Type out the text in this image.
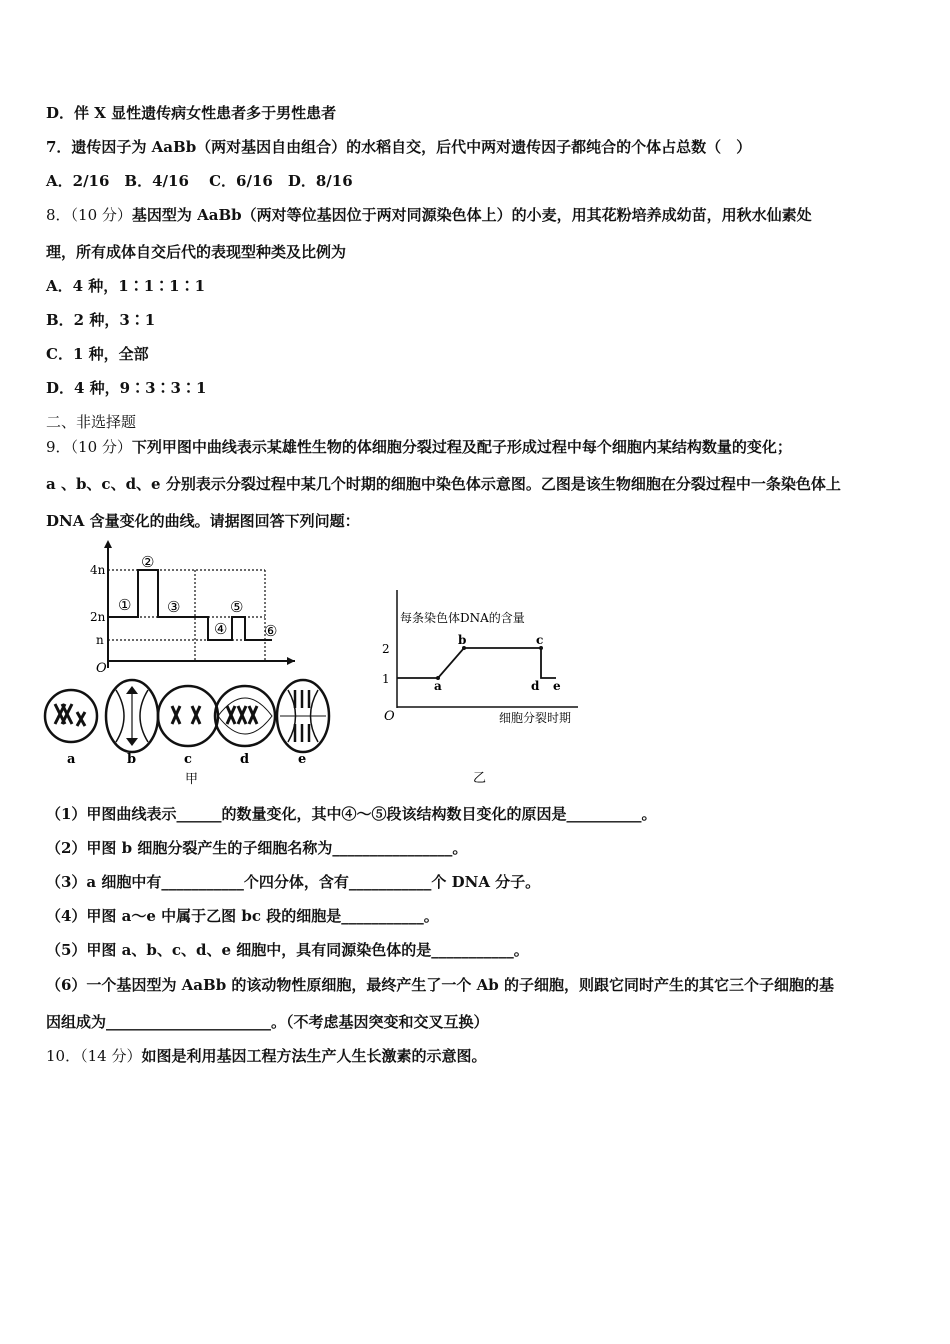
D．伴 X 显性遗传病女性患者多于男性患者
7．遗传因子为 AaBb（两对基因自由组合）的水稻自交，后代中两对遗传因子都纯合的个体占总数（　）
A．2/16　B．4/16　 C．6/16　D．8/16
8．（10 分）基因型为 AaBb（两对等位基因位于两对同源染色体上）的小麦，用其花粉培养成幼苗，用秋水仙素处
理，所有成体自交后代的表现型种类及比例为
A．4 种，1∶1∶1∶1
B．2 种，3∶1
C．1 种，全部
D．4 种，9∶3∶3∶1
二、非选择题
9．（10 分）下列甲图中曲线表示某雄性生物的体细胞分裂过程及配子形成过程中每个细胞内某结构数量的变化；
a 、b、c、d、e 分别表示分裂过程中某几个时期的细胞中染色体示意图。乙图是该生物细胞在分裂过程中一条染色体上
DNA 含量变化的曲线。请据图回答下列问题：
4n
2n
n
O
①
②
③
④
⑤
⑥
a	b	c	d	e
甲
每条染色体DNA的含量
2
1
O
a
b	c
d e
细胞分裂时期
乙
（1）甲图曲线表示______的数量变化，其中④～⑤段该结构数目变化的原因是__________。
（2）甲图 b 细胞分裂产生的子细胞名称为________________。
（3）a 细胞中有___________个四分体，含有___________个 DNA 分子。
（4）甲图 a～e 中属于乙图 bc 段的细胞是___________。
（5）甲图 a、b、c、d、e 细胞中，具有同源染色体的是___________。
（6）一个基因型为 AaBb 的该动物性原细胞，最终产生了一个 Ab 的子细胞，则跟它同时产生的其它三个子细胞的基
因组成为______________________。（不考虑基因突变和交叉互换）
10．（14 分）如图是利用基因工程方法生产人生长激素的示意图。
